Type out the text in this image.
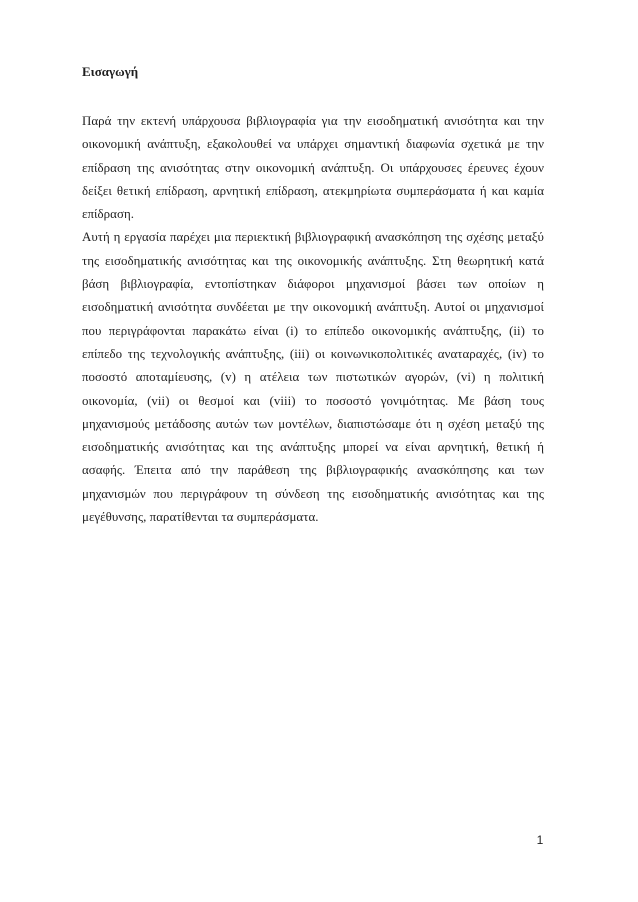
Εισαγωγή

Παρά την εκτενή υπάρχουσα βιβλιογραφία για την εισοδηματική ανισότητα και την οικονομική ανάπτυξη, εξακολουθεί να υπάρχει σημαντική διαφωνία σχετικά με την επίδραση της ανισότητας στην οικονομική ανάπτυξη. Οι υπάρχουσες έρευνες έχουν δείξει θετική επίδραση, αρνητική επίδραση, ατεκμηρίωτα συμπεράσματα ή και καμία επίδραση.

Αυτή η εργασία παρέχει μια περιεκτική βιβλιογραφική ανασκόπηση της σχέσης μεταξύ της εισοδηματικής ανισότητας και της οικονομικής ανάπτυξης. Στη θεωρητική κατά βάση βιβλιογραφία, εντοπίστηκαν διάφοροι μηχανισμοί βάσει των οποίων η εισοδηματική ανισότητα συνδέεται με την οικονομική ανάπτυξη. Αυτοί οι μηχανισμοί που περιγράφονται παρακάτω είναι (i) το επίπεδο οικονομικής ανάπτυξης, (ii) το επίπεδο της τεχνολογικής ανάπτυξης, (iii) οι κοινωνικοπολιτικές αναταραχές, (iv) το ποσοστό αποταμίευσης, (v) η ατέλεια των πιστωτικών αγορών, (vi) η πολιτική οικονομία, (vii) οι θεσμοί και (viii) το ποσοστό γονιμότητας. Με βάση τους μηχανισμούς μετάδοσης αυτών των μοντέλων, διαπιστώσαμε ότι η σχέση μεταξύ της εισοδηματικής ανισότητας και της ανάπτυξης μπορεί να είναι αρνητική, θετική ή ασαφής. Έπειτα από την παράθεση της βιβλιογραφικής ανασκόπησης και των μηχανισμών που περιγράφουν τη σύνδεση της εισοδηματικής ανισότητας και της μεγέθυνσης, παρατίθενται τα συμπεράσματα.

1
